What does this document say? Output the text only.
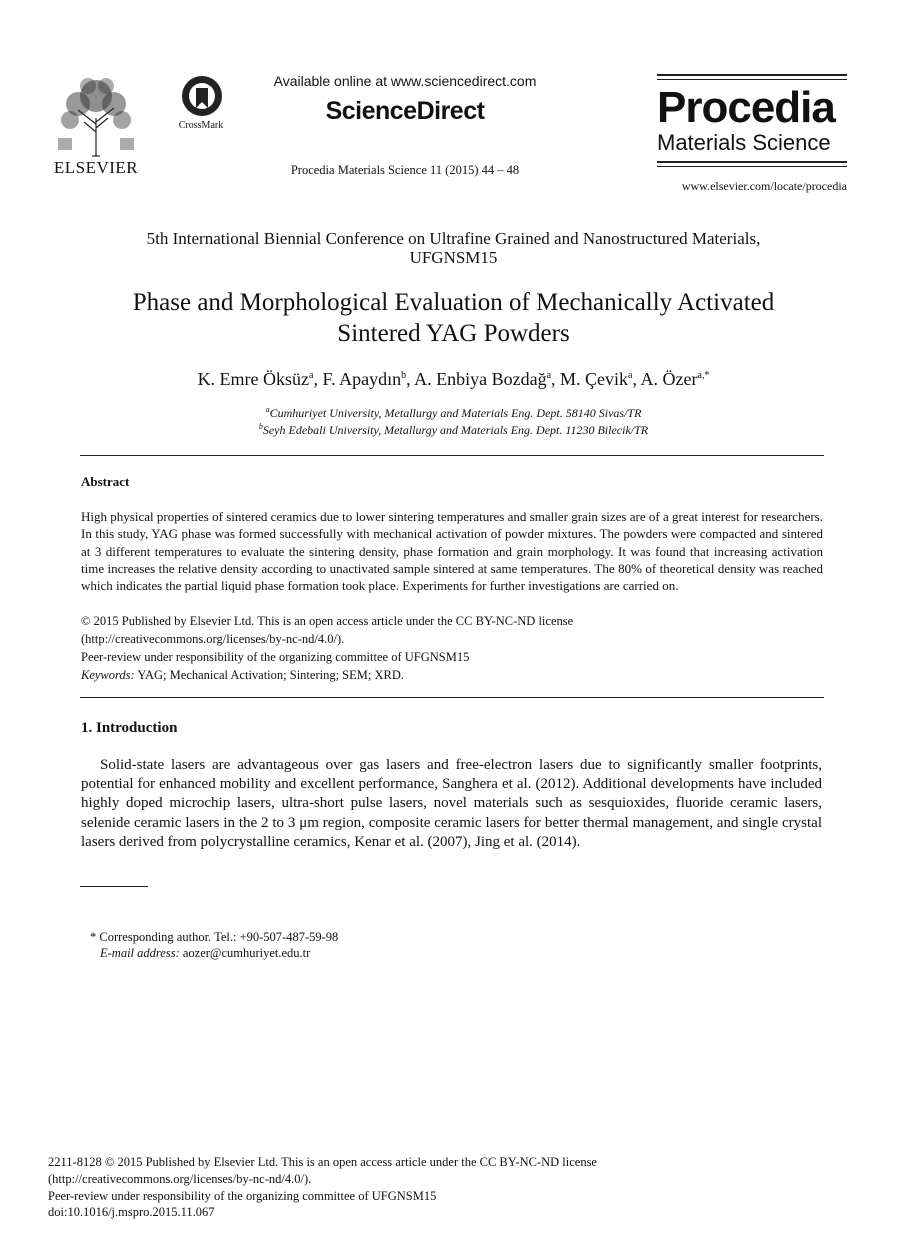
ELSEVIER
CrossMark
Available online at www.sciencedirect.com
ScienceDirect
Procedia Materials Science 11 (2015) 44 – 48
Procedia
Materials Science
www.elsevier.com/locate/procedia
5th International Biennial Conference on Ultrafine Grained and Nanostructured Materials,
UFGNSM15
Phase and Morphological Evaluation of Mechanically Activated
Sintered YAG Powders
K. Emre Öksüz$^a$, F. Apaydın$^b$, A. Enbiya Bozdağ$^a$, M. Çevik$^a$, A. Özer$^{a,*}$
$^a$Cumhuriyet University, Metallurgy and Materials Eng. Dept. 58140 Sivas/TR
$^b$Seyh Edebali University, Metallurgy and Materials Eng. Dept. 11230 Bilecik/TR
Abstract
High physical properties of sintered ceramics due to lower sintering temperatures and smaller grain sizes are of a great interest for researchers. In this study, YAG phase was formed successfully with mechanical activation of powder mixtures. The powders were compacted and sintered at 3 different temperatures to evaluate the sintering density, phase formation and grain morphology. It was found that increasing activation time increases the relative density according to unactivated sample sintered at same temperatures. The 80% of theoretical density was reached which indicates the partial liquid phase formation took place. Experiments for further investigations are carried on.
© 2015 Published by Elsevier Ltd. This is an open access article under the CC BY-NC-ND license
(http://creativecommons.org/licenses/by-nc-nd/4.0/).
Peer-review under responsibility of the organizing committee of UFGNSM15
Keywords: YAG; Mechanical Activation; Sintering; SEM; XRD.
1. Introduction
Solid-state lasers are advantageous over gas lasers and free-electron lasers due to significantly smaller footprints, potential for enhanced mobility and excellent performance, Sanghera et al. (2012). Additional developments have included highly doped microchip lasers, ultra-short pulse lasers, novel materials such as sesquioxides, fluoride ceramic lasers, selenide ceramic lasers in the 2 to 3 μm region, composite ceramic lasers for better thermal management, and single crystal lasers derived from polycrystalline ceramics, Kenar et al. (2007), Jing et al. (2014).
* Corresponding author. Tel.: +90-507-487-59-98
E-mail address: aozer@cumhuriyet.edu.tr
2211-8128 © 2015 Published by Elsevier Ltd. This is an open access article under the CC BY-NC-ND license
(http://creativecommons.org/licenses/by-nc-nd/4.0/).
Peer-review under responsibility of the organizing committee of UFGNSM15
doi:10.1016/j.mspro.2015.11.067
